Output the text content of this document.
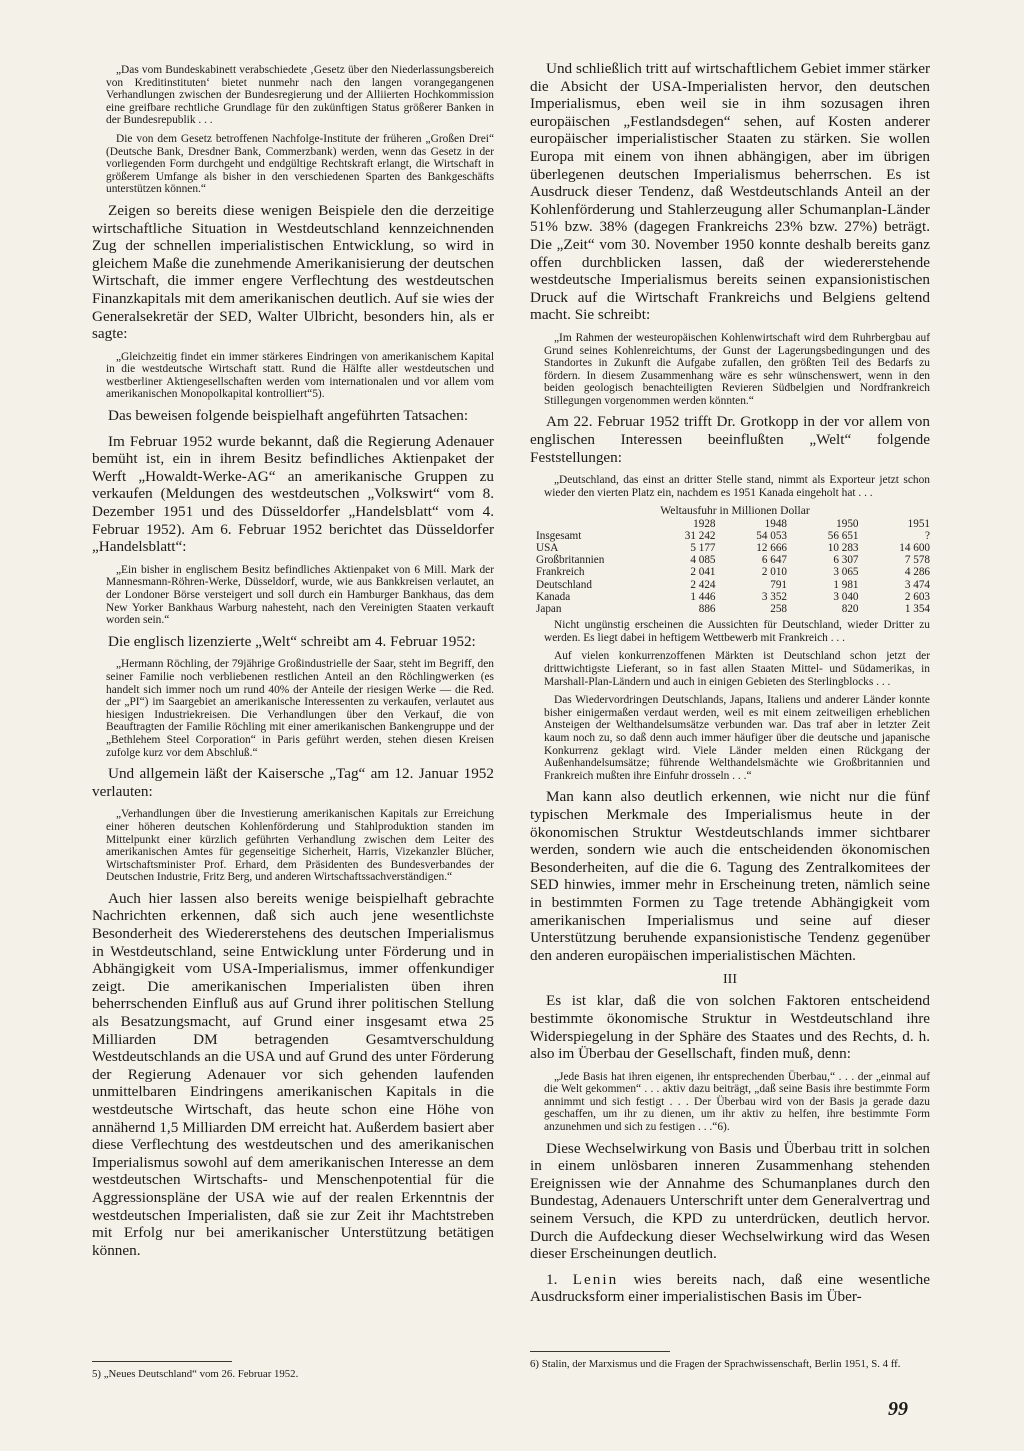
„Das vom Bundeskabinett verabschiedete ‚Gesetz über den Niederlassungsbereich von Kreditinstituten‘ bietet nunmehr nach den langen vorangegangenen Verhandlungen zwischen der Bundesregierung und der Alliierten Hochkommission eine greifbare rechtliche Grundlage für den zukünftigen Status größerer Banken in der Bundesrepublik . . .

Die von dem Gesetz betroffenen Nachfolge-Institute der früheren „Großen Drei“ (Deutsche Bank, Dresdner Bank, Commerzbank) werden, wenn das Gesetz in der vorliegenden Form durchgeht und endgültige Rechtskraft erlangt, die Wirtschaft in größerem Umfange als bisher in den verschiedenen Sparten des Bankgeschäfts unterstützen können.“

Zeigen so bereits diese wenigen Beispiele den die derzeitige wirtschaftliche Situation in Westdeutschland kennzeichnenden Zug der schnellen imperialistischen Entwicklung, so wird in gleichem Maße die zunehmende Amerikanisierung der deutschen Wirtschaft, die immer engere Verflechtung des westdeutschen Finanzkapitals mit dem amerikanischen deutlich. Auf sie wies der Generalsekretär der SED, Walter Ulbricht, besonders hin, als er sagte:

„Gleichzeitig findet ein immer stärkeres Eindringen von amerikanischem Kapital in die westdeutsche Wirtschaft statt. Rund die Hälfte aller westdeutschen und westberliner Aktiengesellschaften werden vom internationalen und vor allem vom amerikanischen Monopolkapital kontrolliert“5).

Das beweisen folgende beispielhaft angeführten Tatsachen:

Im Februar 1952 wurde bekannt, daß die Regierung Adenauer bemüht ist, ein in ihrem Besitz befindliches Aktienpaket der Werft „Howaldt-Werke-AG“ an amerikanische Gruppen zu verkaufen (Meldungen des westdeutschen „Volkswirt“ vom 8. Dezember 1951 und des Düsseldorfer „Handelsblatt“ vom 4. Februar 1952). Am 6. Februar 1952 berichtet das Düsseldorfer „Handelsblatt“:

„Ein bisher in englischem Besitz befindliches Aktienpaket von 6 Mill. Mark der Mannesmann-Röhren-Werke, Düsseldorf, wurde, wie aus Bankkreisen verlautet, an der Londoner Börse versteigert und soll durch ein Hamburger Bankhaus, das dem New Yorker Bankhaus Warburg nahesteht, nach den Vereinigten Staaten verkauft worden sein.“

Die englisch lizenzierte „Welt“ schreibt am 4. Februar 1952:

„Hermann Röchling, der 79jährige Großindustrielle der Saar, steht im Begriff, den seiner Familie noch verbliebenen restlichen Anteil an den Röchlingwerken (es handelt sich immer noch um rund 40% der Anteile der riesigen Werke — die Red. der „PI“) im Saargebiet an amerikanische Interessenten zu verkaufen, verlautet aus hiesigen Industriekreisen. Die Verhandlungen über den Verkauf, die von Beauftragten der Familie Röchling mit einer amerikanischen Bankengruppe und der „Bethlehem Steel Corporation“ in Paris geführt werden, stehen diesen Kreisen zufolge kurz vor dem Abschluß.“

Und allgemein läßt der Kaisersche „Tag“ am 12. Januar 1952 verlauten:

„Verhandlungen über die Investierung amerikanischen Kapitals zur Erreichung einer höheren deutschen Kohlenförderung und Stahlproduktion standen im Mittelpunkt einer kürzlich geführten Verhandlung zwischen dem Leiter des amerikanischen Amtes für gegenseitige Sicherheit, Harris, Vizekanzler Blücher, Wirtschaftsminister Prof. Erhard, dem Präsidenten des Bundesverbandes der Deutschen Industrie, Fritz Berg, und anderen Wirtschaftssachverständigen.“

Auch hier lassen also bereits wenige beispielhaft gebrachte Nachrichten erkennen, daß sich auch jene wesentlichste Besonderheit des Wiedererstehens des deutschen Imperialismus in Westdeutschland, seine Entwicklung unter Förderung und in Abhängigkeit vom USA-Imperialismus, immer offenkundiger zeigt. Die amerikanischen Imperialisten üben ihren beherrschenden Einfluß aus auf Grund ihrer politischen Stellung als Besatzungsmacht, auf Grund einer insgesamt etwa 25 Milliarden DM betragenden Gesamtverschuldung Westdeutschlands an die USA und auf Grund des unter Förderung der Regierung Adenauer vor sich gehenden laufenden unmittelbaren Eindringens amerikanischen Kapitals in die westdeutsche Wirtschaft, das heute schon eine Höhe von annähernd 1,5 Milliarden DM erreicht hat. Außerdem basiert aber diese Verflechtung des westdeutschen und des amerikanischen Imperialismus sowohl auf dem amerikanischen Interesse an dem westdeutschen Wirtschafts- und Menschenpotential für die Aggressionspläne der USA wie auf der realen Erkenntnis der westdeutschen Imperialisten, daß sie zur Zeit ihr Machtstreben mit Erfolg nur bei amerikanischer Unterstützung betätigen können.

5) „Neues Deutschland“ vom 26. Februar 1952.

Und schließlich tritt auf wirtschaftlichem Gebiet immer stärker die Absicht der USA-Imperialisten hervor, den deutschen Imperialismus, eben weil sie in ihm sozusagen ihren europäischen „Festlandsdegen“ sehen, auf Kosten anderer europäischer imperialistischer Staaten zu stärken. Sie wollen Europa mit einem von ihnen abhängigen, aber im übrigen überlegenen deutschen Imperialismus beherrschen. Es ist Ausdruck dieser Tendenz, daß Westdeutschlands Anteil an der Kohlenförderung und Stahlerzeugung aller Schumanplan-Länder 51% bzw. 38% (dagegen Frankreichs 23% bzw. 27%) beträgt. Die „Zeit“ vom 30. November 1950 konnte deshalb bereits ganz offen durchblicken lassen, daß der wiedererstehende westdeutsche Imperialismus bereits seinen expansionistischen Druck auf die Wirtschaft Frankreichs und Belgiens geltend macht. Sie schreibt:

„Im Rahmen der westeuropäischen Kohlenwirtschaft wird dem Ruhrbergbau auf Grund seines Kohlenreichtums, der Gunst der Lagerungsbedingungen und des Standortes in Zukunft die Aufgabe zufallen, den größten Teil des Bedarfs zu fördern. In diesem Zusammenhang wäre es sehr wünschenswert, wenn in den beiden geologisch benachteiligten Revieren Südbelgien und Nordfrankreich Stillegungen vorgenommen werden könnten.“

Am 22. Februar 1952 trifft Dr. Grotkopp in der vor allem von englischen Interessen beeinflußten „Welt“ folgende Feststellungen:

„Deutschland, das einst an dritter Stelle stand, nimmt als Exporteur jetzt schon wieder den vierten Platz ein, nachdem es 1951 Kanada eingeholt hat . . .

Weltausfuhr in Millionen Dollar				
	1928	1948	1950	1951
Insgesamt	31 242	54 053	56 651	?
USA	5 177	12 666	10 283	14 600
Großbritannien	4 085	6 647	6 307	7 578
Frankreich	2 041	2 010	3 065	4 286
Deutschland	2 424	791	1 981	3 474
Kanada	1 446	3 352	3 040	2 603
Japan	886	258	820	1 354

Nicht ungünstig erscheinen die Aussichten für Deutschland, wieder Dritter zu werden. Es liegt dabei in heftigem Wettbewerb mit Frankreich . . .

Auf vielen konkurrenzoffenen Märkten ist Deutschland schon jetzt der drittwichtigste Lieferant, so in fast allen Staaten Mittel- und Südamerikas, in Marshall-Plan-Ländern und auch in einigen Gebieten des Sterlingblocks . . .

Das Wiedervordringen Deutschlands, Japans, Italiens und anderer Länder konnte bisher einigermaßen verdaut werden, weil es mit einem zeitweiligen erheblichen Ansteigen der Welthandelsumsätze verbunden war. Das traf aber in letzter Zeit kaum noch zu, so daß denn auch immer häufiger über die deutsche und japanische Konkurrenz geklagt wird. Viele Länder melden einen Rückgang der Außenhandelsumsätze; führende Welthandelsmächte wie Großbritannien und Frankreich mußten ihre Einfuhr drosseln . . .“

Man kann also deutlich erkennen, wie nicht nur die fünf typischen Merkmale des Imperialismus heute in der ökonomischen Struktur Westdeutschlands immer sichtbarer werden, sondern wie auch die entscheidenden ökonomischen Besonderheiten, auf die die 6. Tagung des Zentralkomitees der SED hinwies, immer mehr in Erscheinung treten, nämlich seine in bestimmten Formen zu Tage tretende Abhängigkeit vom amerikanischen Imperialismus und seine auf dieser Unterstützung beruhende expansionistische Tendenz gegenüber den anderen europäischen imperialistischen Mächten.

III

Es ist klar, daß die von solchen Faktoren entscheidend bestimmte ökonomische Struktur in Westdeutschland ihre Widerspiegelung in der Sphäre des Staates und des Rechts, d. h. also im Überbau der Gesellschaft, finden muß, denn:

„Jede Basis hat ihren eigenen, ihr entsprechenden Überbau,“ . . . der „einmal auf die Welt gekommen“ . . . aktiv dazu beiträgt, „daß seine Basis ihre bestimmte Form annimmt und sich festigt . . . Der Überbau wird von der Basis ja gerade dazu geschaffen, um ihr zu dienen, um ihr aktiv zu helfen, ihre bestimmte Form anzunehmen und sich zu festigen . . .“6).

Diese Wechselwirkung von Basis und Überbau tritt in solchen in einem unlösbaren inneren Zusammenhang stehenden Ereignissen wie der Annahme des Schumanplanes durch den Bundestag, Adenauers Unterschrift unter dem Generalvertrag und seinem Versuch, die KPD zu unterdrücken, deutlich hervor. Durch die Aufdeckung dieser Wechselwirkung wird das Wesen dieser Erscheinungen deutlich.

1. Lenin wies bereits nach, daß eine wesentliche Ausdrucksform einer imperialistischen Basis im Über-

6) Stalin, der Marxismus und die Fragen der Sprachwissenschaft, Berlin 1951, S. 4 ff.

99
